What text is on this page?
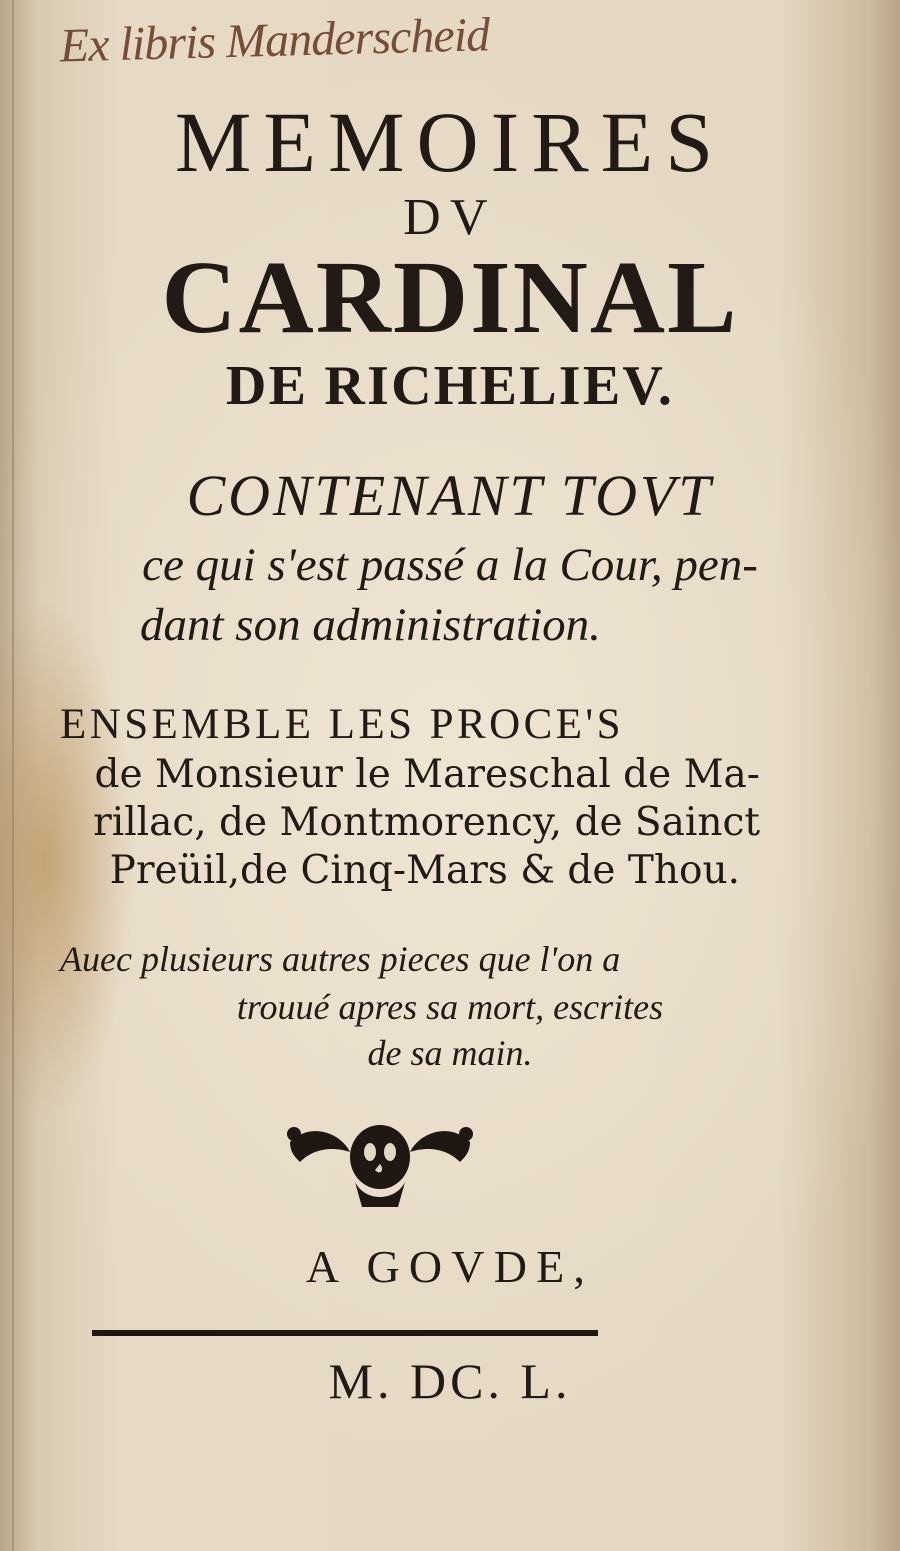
Ex libris Manderscheid
MEMOIRES
DV
CARDINAL
DE RICHELIEV.
CONTENANT TOVT
ce qui s'est passé a la Cour, pen-
dant son administration.
ENSEMBLE LES PROCE'S
de Monsieur le Mareschal de Ma-
rillac, de Montmorency, de Sainct
Preüil,de Cinq-Mars & de Thou.
Auec plusieurs autres pieces que l'on a
trouué apres sa mort, escrites
de sa main.
A GOVDE,
M. DC. L.
